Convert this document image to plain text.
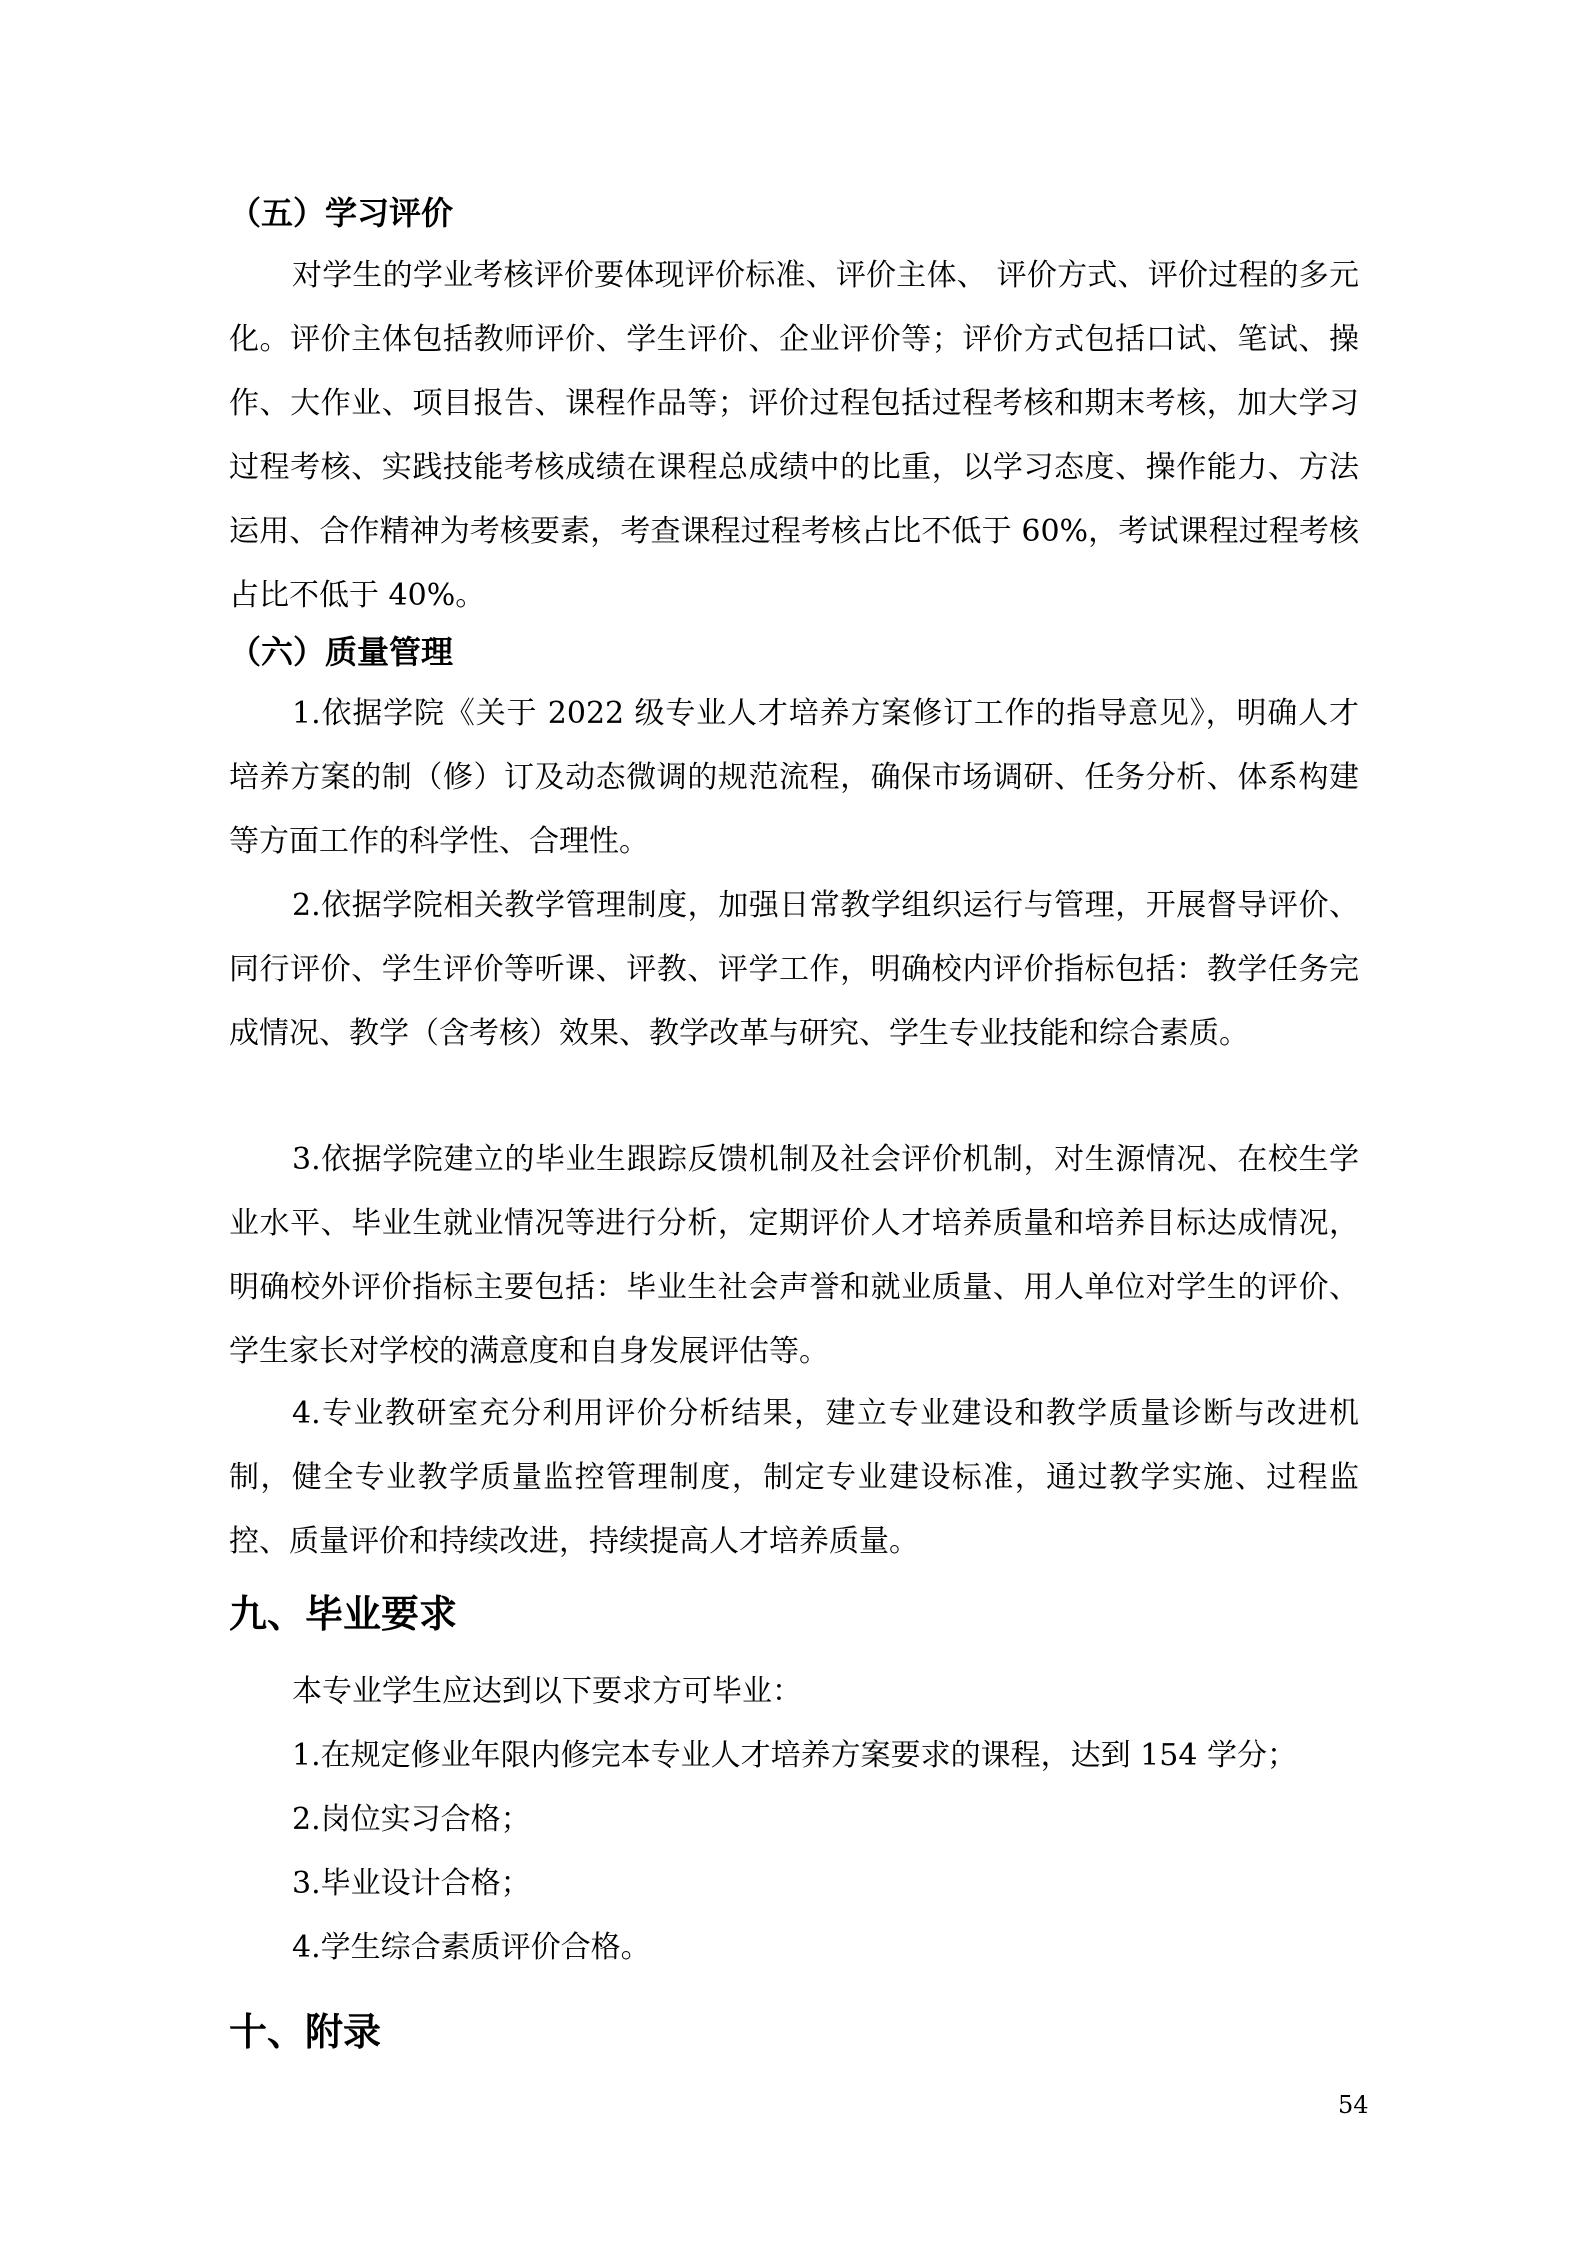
（五）学习评价
对学生的学业考核评价要体现评价标准、评价主体、 评价方式、评价过程的多元化。评价主体包括教师评价、学生评价、企业评价等；评价方式包括口试、笔试、操作、大作业、项目报告、课程作品等；评价过程包括过程考核和期末考核，加大学习过程考核、实践技能考核成绩在课程总成绩中的比重，以学习态度、操作能力、方法运用、合作精神为考核要素，考查课程过程考核占比不低于 60%，考试课程过程考核占比不低于 40%。
（六）质量管理
1.依据学院《关于 2022 级专业人才培养方案修订工作的指导意见》，明确人才培养方案的制（修）订及动态微调的规范流程，确保市场调研、任务分析、体系构建等方面工作的科学性、合理性。
2.依据学院相关教学管理制度，加强日常教学组织运行与管理，开展督导评价、同行评价、学生评价等听课、评教、评学工作，明确校内评价指标包括：教学任务完成情况、教学（含考核）效果、教学改革与研究、学生专业技能和综合素质。
3.依据学院建立的毕业生跟踪反馈机制及社会评价机制，对生源情况、在校生学业水平、毕业生就业情况等进行分析，定期评价人才培养质量和培养目标达成情况，明确校外评价指标主要包括：毕业生社会声誉和就业质量、用人单位对学生的评价、学生家长对学校的满意度和自身发展评估等。
4.专业教研室充分利用评价分析结果，建立专业建设和教学质量诊断与改进机制，健全专业教学质量监控管理制度，制定专业建设标准，通过教学实施、过程监控、质量评价和持续改进，持续提高人才培养质量。
九、毕业要求
本专业学生应达到以下要求方可毕业：
1.在规定修业年限内修完本专业人才培养方案要求的课程，达到 154 学分；
2.岗位实习合格；
3.毕业设计合格；
4.学生综合素质评价合格。
十、附录
54
